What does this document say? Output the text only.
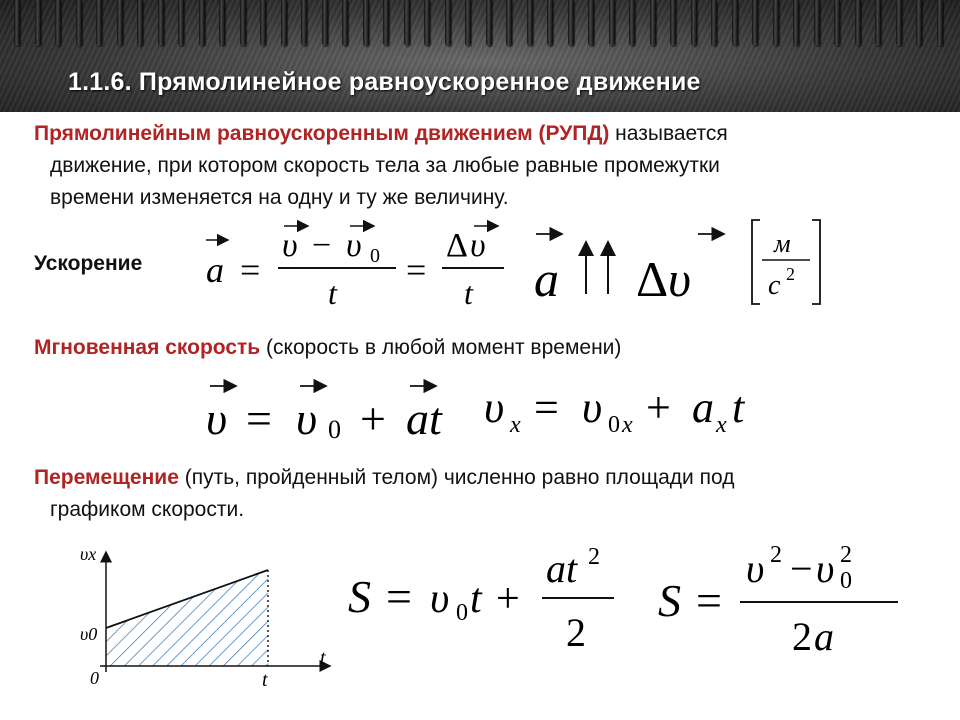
1.1.6. Прямолинейное равноускоренное движение
Прямолинейным равноускоренным движением (РУПД) называется
движение, при котором скорость тела за любые равные промежутки
времени изменяется на одну и ту же величину.
Ускорение a =
υ − υ 0
t
=
Δ υ
t a Δ υ
м
c 2
Мгновенная скорость (скорость в любой момент времени)
υ = υ 0 + at υ x = υ 0 x + a x t
Перемещение (путь, пройденный телом) численно равно площади под
графиком скорости.
υx
υ0
0
t
t
S = υ 0 t +
at 2
2
S =
υ 2 − υ 2
0
2 a
